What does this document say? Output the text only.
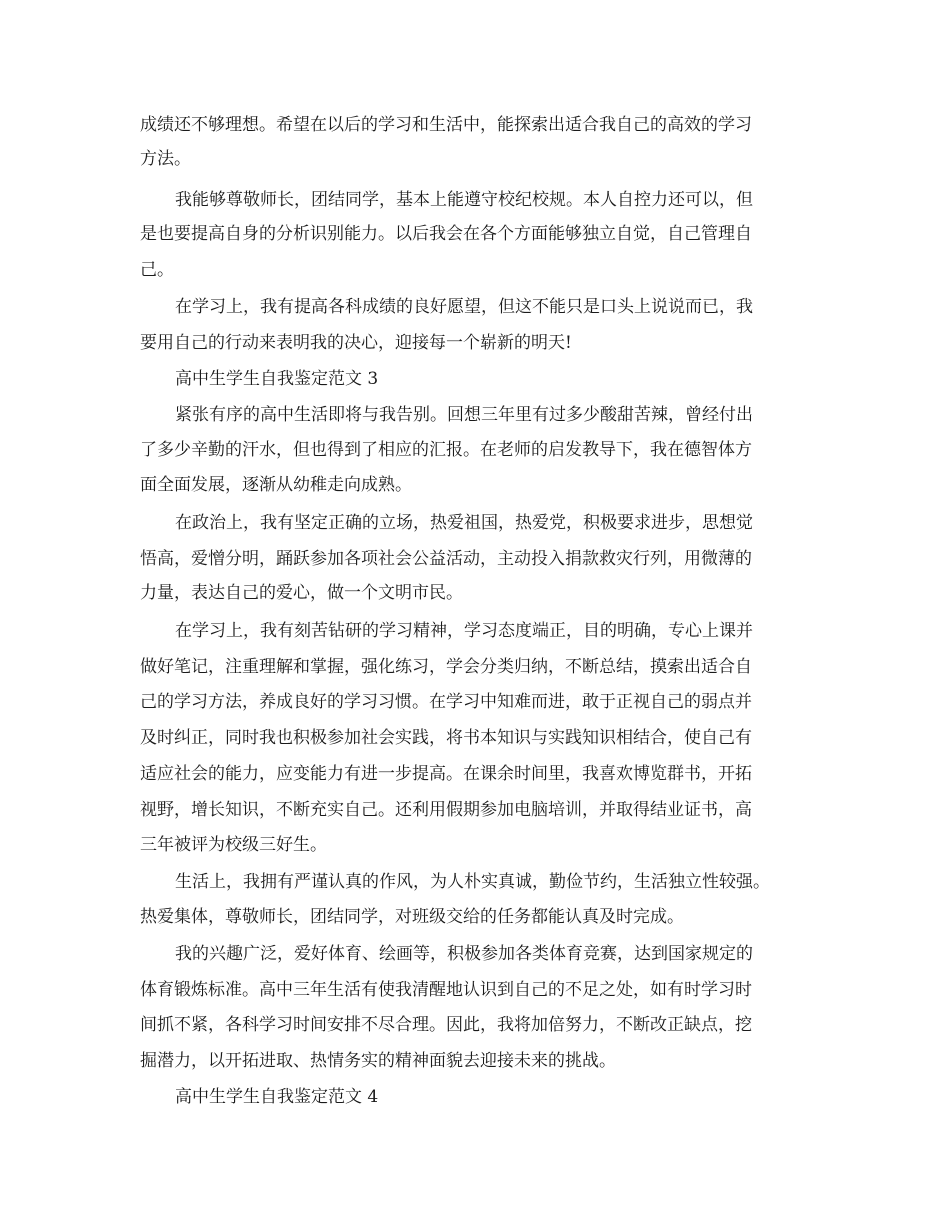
成绩还不够理想。希望在以后的学习和生活中，能探索出适合我自己的高效的学习
方法。
我能够尊敬师长，团结同学，基本上能遵守校纪校规。本人自控力还可以，但
是也要提高自身的分析识别能力。以后我会在各个方面能够独立自觉，自己管理自
己。
在学习上，我有提高各科成绩的良好愿望，但这不能只是口头上说说而已，我
要用自己的行动来表明我的决心，迎接每一个崭新的明天!
高中生学生自我鉴定范文 3
紧张有序的高中生活即将与我告别。回想三年里有过多少酸甜苦辣，曾经付出
了多少辛勤的汗水，但也得到了相应的汇报。在老师的启发教导下，我在德智体方
面全面发展，逐渐从幼稚走向成熟。
在政治上，我有坚定正确的立场，热爱祖国，热爱党，积极要求进步，思想觉
悟高，爱憎分明，踊跃参加各项社会公益活动，主动投入捐款救灾行列，用微薄的
力量，表达自己的爱心，做一个文明市民。
在学习上，我有刻苦钻研的学习精神，学习态度端正，目的明确，专心上课并
做好笔记，注重理解和掌握，强化练习，学会分类归纳，不断总结，摸索出适合自
己的学习方法，养成良好的学习习惯。在学习中知难而进，敢于正视自己的弱点并
及时纠正，同时我也积极参加社会实践，将书本知识与实践知识相结合，使自己有
适应社会的能力，应变能力有进一步提高。在课余时间里，我喜欢博览群书，开拓
视野，增长知识，不断充实自己。还利用假期参加电脑培训，并取得结业证书，高
三年被评为校级三好生。
生活上，我拥有严谨认真的作风，为人朴实真诚，勤俭节约，生活独立性较强。
热爱集体，尊敬师长，团结同学，对班级交给的任务都能认真及时完成。
我的兴趣广泛，爱好体育、绘画等，积极参加各类体育竞赛，达到国家规定的
体育锻炼标准。高中三年生活有使我清醒地认识到自己的不足之处，如有时学习时
间抓不紧，各科学习时间安排不尽合理。因此，我将加倍努力，不断改正缺点，挖
掘潜力，以开拓进取、热情务实的精神面貌去迎接未来的挑战。
高中生学生自我鉴定范文 4
